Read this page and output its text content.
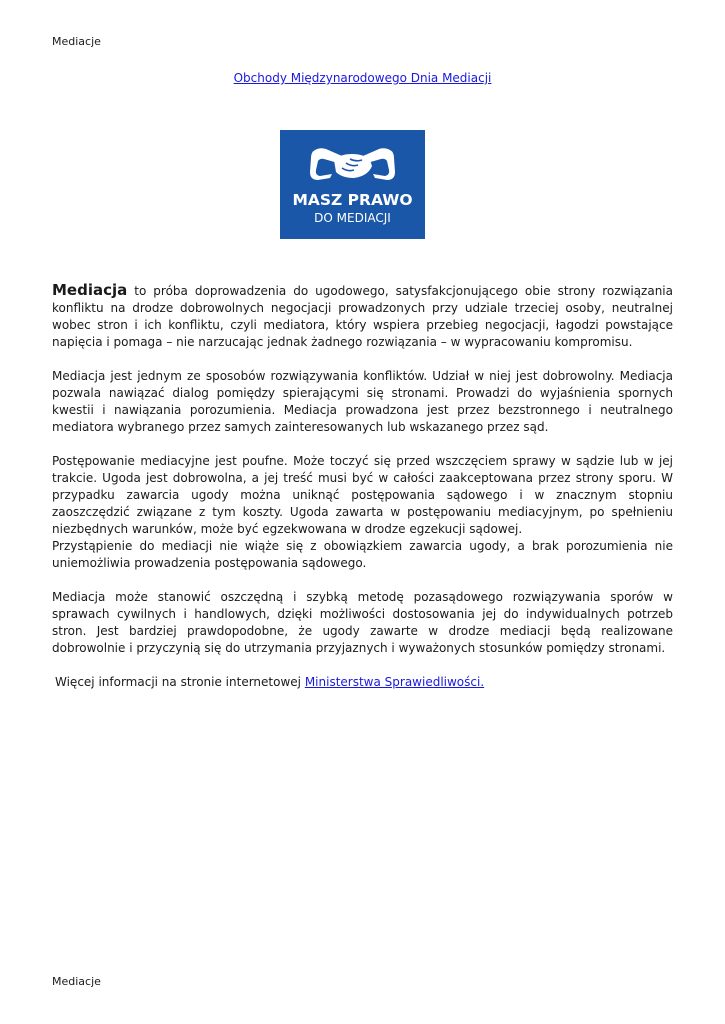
Mediacje
Obchody Międzynarodowego Dnia Mediacji
MASZ PRAWO
DO MEDIACJI

Mediacja to próba doprowadzenia do ugodowego, satysfakcjonującego obie strony rozwiązania konfliktu na drodze dobrowolnych negocjacji prowadzonych przy udziale trzeciej osoby, neutralnej wobec stron i ich konfliktu, czyli mediatora, który wspiera przebieg negocjacji, łagodzi powstające napięcia i pomaga – nie narzucając jednak żadnego rozwiązania – w wypracowaniu kompromisu.

Mediacja jest jednym ze sposobów rozwiązywania konfliktów. Udział w niej jest dobrowolny. Mediacja pozwala nawiązać dialog pomiędzy spierającymi się stronami. Prowadzi do wyjaśnienia spornych kwestii i nawiązania porozumienia. Mediacja prowadzona jest przez bezstronnego i neutralnego mediatora wybranego przez samych zainteresowanych lub wskazanego przez sąd.

Postępowanie mediacyjne jest poufne. Może toczyć się przed wszczęciem sprawy w sądzie lub w jej trakcie. Ugoda jest dobrowolna, a jej treść musi być w całości zaakceptowana przez strony sporu. W przypadku zawarcia ugody można uniknąć postępowania sądowego i w znacznym stopniu zaoszczędzić związane z tym koszty. Ugoda zawarta w postępowaniu mediacyjnym, po spełnieniu niezbędnych warunków, może być egzekwowana w drodze egzekucji sądowej.

Przystąpienie do mediacji nie wiąże się z obowiązkiem zawarcia ugody, a brak porozumienia nie uniemożliwia prowadzenia postępowania sądowego.

Mediacja może stanowić oszczędną i szybką metodę pozasądowego rozwiązywania sporów w sprawach cywilnych i handlowych, dzięki możliwości dostosowania jej do indywidualnych potrzeb stron. Jest bardziej prawdopodobne, że ugody zawarte w drodze mediacji będą realizowane dobrowolnie i przyczynią się do utrzymania przyjaznych i wyważonych stosunków pomiędzy stronami.

Więcej informacji na stronie internetowej Ministerstwa Sprawiedliwości.

Mediacje
